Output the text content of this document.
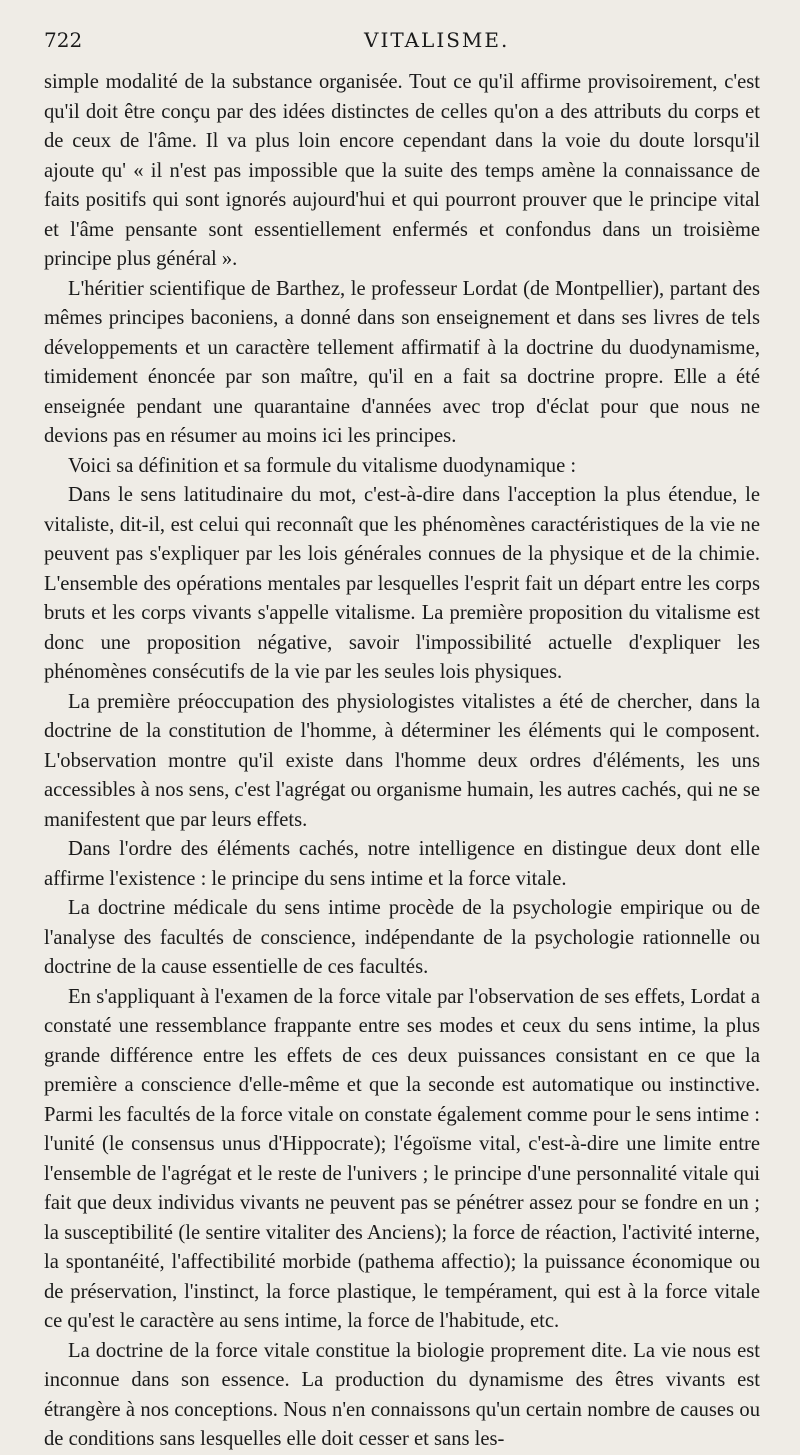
722	VITALISME.

simple modalité de la substance organisée. Tout ce qu'il affirme provisoirement, c'est qu'il doit être conçu par des idées distinctes de celles qu'on a des attributs du corps et de ceux de l'âme. Il va plus loin encore cependant dans la voie du doute lorsqu'il ajoute qu' « il n'est pas impossible que la suite des temps amène la connaissance de faits positifs qui sont ignorés aujourd'hui et qui pourront prouver que le principe vital et l'âme pensante sont essentiellement enfermés et confondus dans un troisième principe plus général ».

L'héritier scientifique de Barthez, le professeur Lordat (de Montpellier), partant des mêmes principes baconiens, a donné dans son enseignement et dans ses livres de tels développements et un caractère tellement affirmatif à la doctrine du duodynamisme, timidement énoncée par son maître, qu'il en a fait sa doctrine propre. Elle a été enseignée pendant une quarantaine d'années avec trop d'éclat pour que nous ne devions pas en résumer au moins ici les principes.

Voici sa définition et sa formule du vitalisme duodynamique :

Dans le sens latitudinaire du mot, c'est-à-dire dans l'acception la plus étendue, le vitaliste, dit-il, est celui qui reconnaît que les phénomènes caractéristiques de la vie ne peuvent pas s'expliquer par les lois générales connues de la physique et de la chimie. L'ensemble des opérations mentales par lesquelles l'esprit fait un départ entre les corps bruts et les corps vivants s'appelle vitalisme. La première proposition du vitalisme est donc une proposition négative, savoir l'impossibilité actuelle d'expliquer les phénomènes consécutifs de la vie par les seules lois physiques.

La première préoccupation des physiologistes vitalistes a été de chercher, dans la doctrine de la constitution de l'homme, à déterminer les éléments qui le composent. L'observation montre qu'il existe dans l'homme deux ordres d'éléments, les uns accessibles à nos sens, c'est l'agrégat ou organisme humain, les autres cachés, qui ne se manifestent que par leurs effets.

Dans l'ordre des éléments cachés, notre intelligence en distingue deux dont elle affirme l'existence : le principe du sens intime et la force vitale.

La doctrine médicale du sens intime procède de la psychologie empirique ou de l'analyse des facultés de conscience, indépendante de la psychologie rationnelle ou doctrine de la cause essentielle de ces facultés.

En s'appliquant à l'examen de la force vitale par l'observation de ses effets, Lordat a constaté une ressemblance frappante entre ses modes et ceux du sens intime, la plus grande différence entre les effets de ces deux puissances consistant en ce que la première a conscience d'elle-même et que la seconde est automatique ou instinctive. Parmi les facultés de la force vitale on constate également comme pour le sens intime : l'unité (le consensus unus d'Hippocrate); l'égoïsme vital, c'est-à-dire une limite entre l'ensemble de l'agrégat et le reste de l'univers ; le principe d'une personnalité vitale qui fait que deux individus vivants ne peuvent pas se pénétrer assez pour se fondre en un ; la susceptibilité (le sentire vitaliter des Anciens); la force de réaction, l'activité interne, la spontanéité, l'affectibilité morbide (pathema affectio); la puissance économique ou de préservation, l'instinct, la force plastique, le tempérament, qui est à la force vitale ce qu'est le caractère au sens intime, la force de l'habitude, etc.

La doctrine de la force vitale constitue la biologie proprement dite. La vie nous est inconnue dans son essence. La production du dynamisme des êtres vivants est étrangère à nos conceptions. Nous n'en connaissons qu'un certain nombre de causes ou de conditions sans lesquelles elle doit cesser et sans les-
